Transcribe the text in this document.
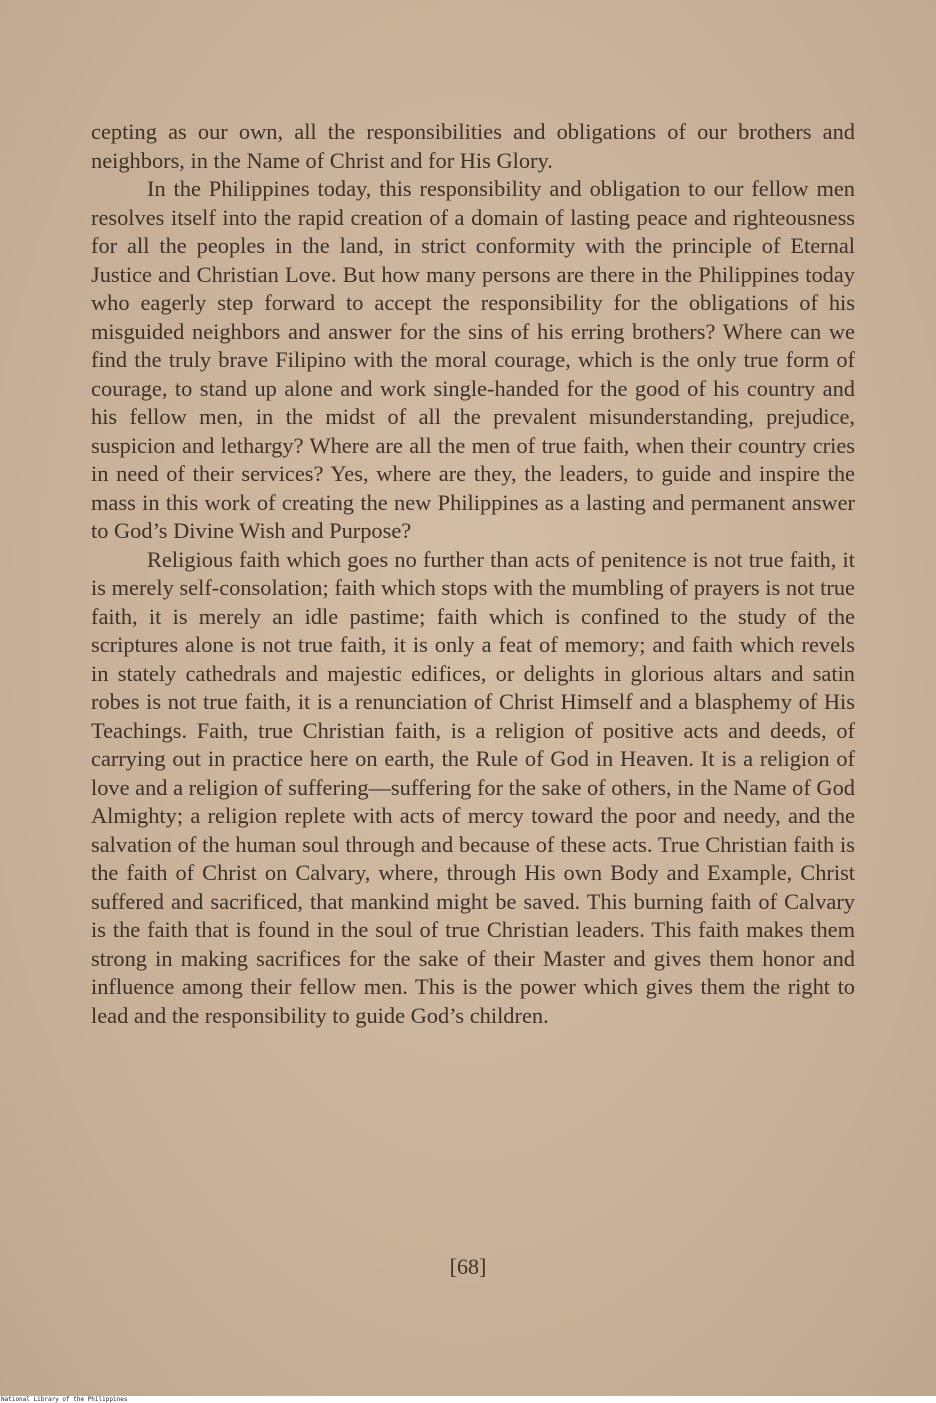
cepting as our own, all the responsibilities and obligations of our brothers and neighbors, in the Name of Christ and for His Glory.

In the Philippines today, this responsibility and obligation to our fellow men resolves itself into the rapid creation of a domain of lasting peace and righteousness for all the peoples in the land, in strict conformity with the principle of Eternal Justice and Christian Love. But how many persons are there in the Philippines today who eagerly step forward to accept the responsibility for the obligations of his misguided neighbors and answer for the sins of his erring brothers? Where can we find the truly brave Filipino with the moral courage, which is the only true form of courage, to stand up alone and work single-handed for the good of his country and his fellow men, in the midst of all the prevalent misunderstanding, prejudice, suspicion and lethargy? Where are all the men of true faith, when their country cries in need of their services? Yes, where are they, the leaders, to guide and inspire the mass in this work of creating the new Philippines as a lasting and permanent answer to God’s Divine Wish and Purpose?

Religious faith which goes no further than acts of penitence is not true faith, it is merely self-consolation; faith which stops with the mumbling of prayers is not true faith, it is merely an idle pastime; faith which is confined to the study of the scriptures alone is not true faith, it is only a feat of memory; and faith which revels in stately cathedrals and majestic edifices, or delights in glorious altars and satin robes is not true faith, it is a renunciation of Christ Himself and a blasphemy of His Teachings. Faith, true Christian faith, is a religion of positive acts and deeds, of carrying out in practice here on earth, the Rule of God in Heaven. It is a religion of love and a religion of suffering—suffering for the sake of others, in the Name of God Almighty; a religion replete with acts of mercy toward the poor and needy, and the salvation of the human soul through and because of these acts. True Christian faith is the faith of Christ on Calvary, where, through His own Body and Example, Christ suffered and sacrificed, that mankind might be saved. This burning faith of Calvary is the faith that is found in the soul of true Christian leaders. This faith makes them strong in making sacrifices for the sake of their Master and gives them honor and influence among their fellow men. This is the power which gives them the right to lead and the responsibility to guide God’s children.

[68]
National Library of the Philippines
